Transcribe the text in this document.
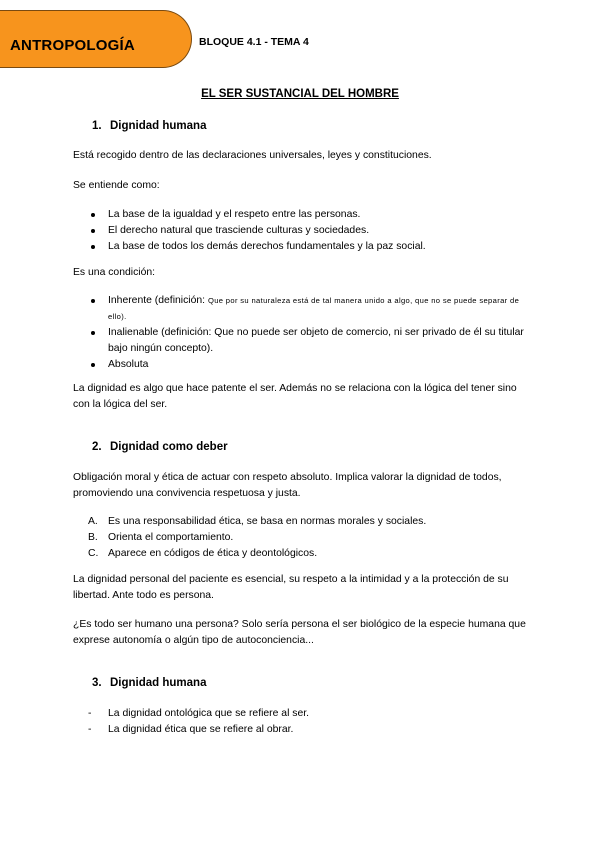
ANTROPOLOGÍA	BLOQUE 4.1 - TEMA 4
EL SER SUSTANCIAL DEL HOMBRE
1. Dignidad humana
Está recogido dentro de las declaraciones universales, leyes y constituciones.
Se entiende como:
La base de la igualdad y el respeto entre las personas.
El derecho natural que trasciende culturas y sociedades.
La base de todos los demás derechos fundamentales y la paz social.
Es una condición:
Inherente (definición: Que por su naturaleza está de tal manera unido a algo, que no se puede separar de ello).
Inalienable (definición: Que no puede ser objeto de comercio, ni ser privado de él su titular bajo ningún concepto).
Absoluta
La dignidad es algo que hace patente el ser. Además no se relaciona con la lógica del tener sino con la lógica del ser.
2. Dignidad como deber
Obligación moral y ética de actuar con respeto absoluto. Implica valorar la dignidad de todos, promoviendo una convivencia respetuosa y justa.
A. Es una responsabilidad ética, se basa en normas morales y sociales.
B. Orienta el comportamiento.
C. Aparece en códigos de ética y deontológicos.
La dignidad personal del paciente es esencial, su respeto a la intimidad y a la protección de su libertad. Ante todo es persona.
¿Es todo ser humano una persona? Solo sería persona el ser biológico de la especie humana que exprese autonomía o algún tipo de autoconciencia...
3. Dignidad humana
- La dignidad ontológica que se refiere al ser.
- La dignidad ética que se refiere al obrar.
